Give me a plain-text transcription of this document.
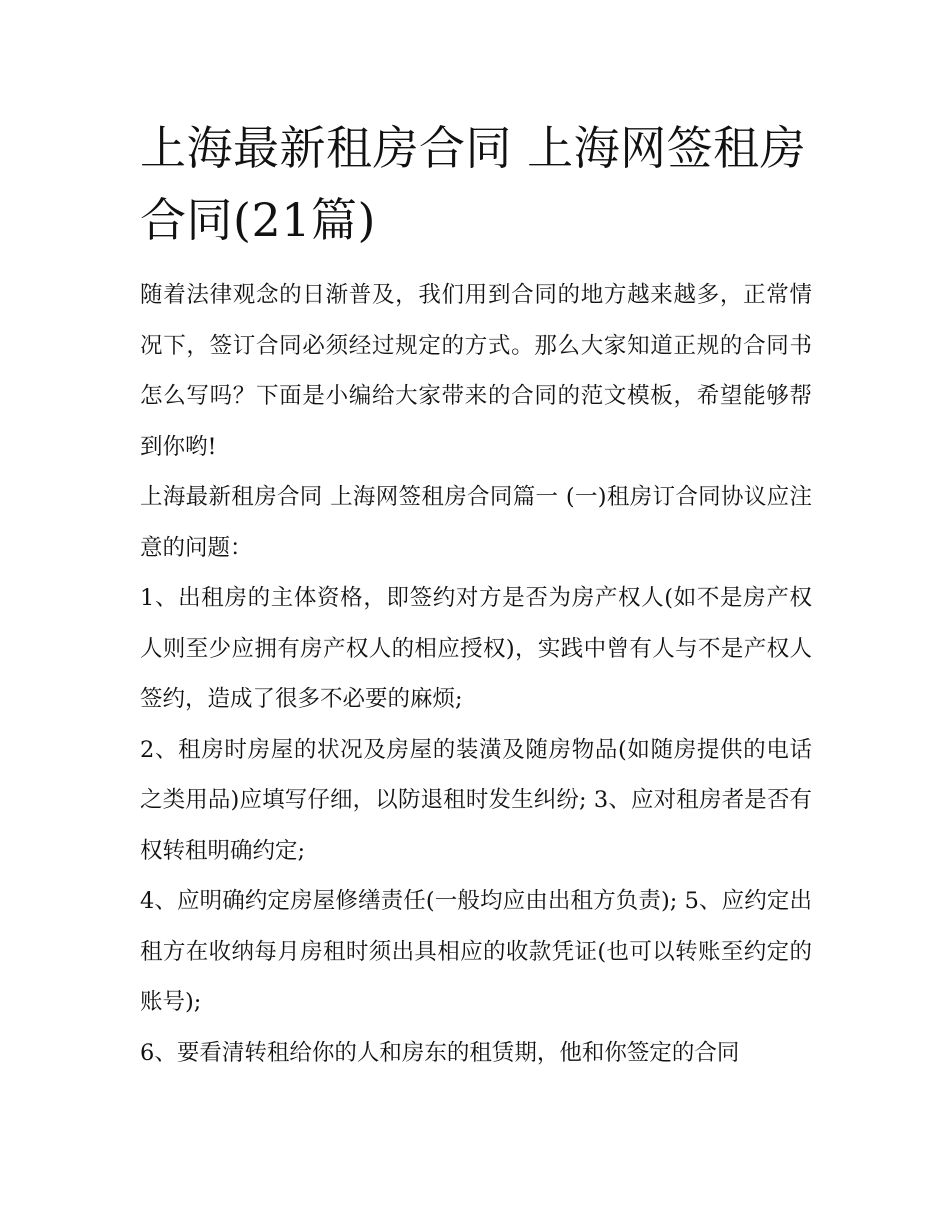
上海最新租房合同 上海网签租房合同(21篇)

随着法律观念的日渐普及，我们用到合同的地方越来越多，正常情况下，签订合同必须经过规定的方式。那么大家知道正规的合同书怎么写吗？下面是小编给大家带来的合同的范文模板，希望能够帮到你哟!

上海最新租房合同 上海网签租房合同篇一 (一)租房订合同协议应注意的问题：

1、出租房的主体资格，即签约对方是否为房产权人(如不是房产权人则至少应拥有房产权人的相应授权)，实践中曾有人与不是产权人签约，造成了很多不必要的麻烦;

2、租房时房屋的状况及房屋的装潢及随房物品(如随房提供的电话之类用品)应填写仔细，以防退租时发生纠纷; 3、应对租房者是否有权转租明确约定;

4、应明确约定房屋修缮责任(一般均应由出租方负责); 5、应约定出租方在收纳每月房租时须出具相应的收款凭证(也可以转账至约定的账号);

6、要看清转租给你的人和房东的租赁期，他和你签定的合同
